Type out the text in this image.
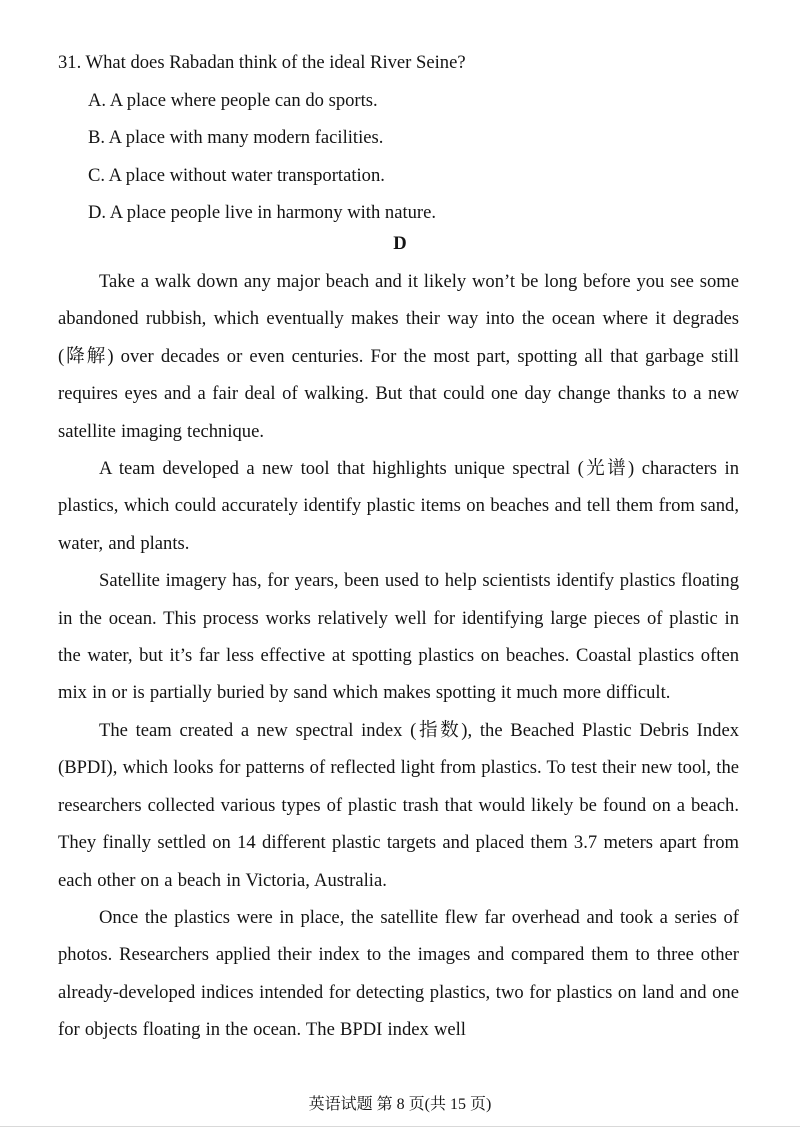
31. What does Rabadan think of the ideal River Seine?
A. A place where people can do sports.
B. A place with many modern facilities.
C. A place without water transportation.
D. A place people live in harmony with nature.
D

Take a walk down any major beach and it likely won’t be long before you see some abandoned rubbish, which eventually makes their way into the ocean where it degrades (降解) over decades or even centuries. For the most part, spotting all that garbage still requires eyes and a fair deal of walking. But that could one day change thanks to a new satellite imaging technique.

A team developed a new tool that highlights unique spectral (光谱) characters in plastics, which could accurately identify plastic items on beaches and tell them from sand, water, and plants.

Satellite imagery has, for years, been used to help scientists identify plastics floating in the ocean. This process works relatively well for identifying large pieces of plastic in the water, but it’s far less effective at spotting plastics on beaches. Coastal plastics often mix in or is partially buried by sand which makes spotting it much more difficult.

The team created a new spectral index (指数), the Beached Plastic Debris Index (BPDI), which looks for patterns of reflected light from plastics. To test their new tool, the researchers collected various types of plastic trash that would likely be found on a beach. They finally settled on 14 different plastic targets and placed them 3.7 meters apart from each other on a beach in Victoria, Australia.

Once the plastics were in place, the satellite flew far overhead and took a series of photos. Researchers applied their index to the images and compared them to three other already-developed indices intended for detecting plastics, two for plastics on land and one for objects floating in the ocean. The BPDI index well

英语试题 第 8 页(共 15 页)
